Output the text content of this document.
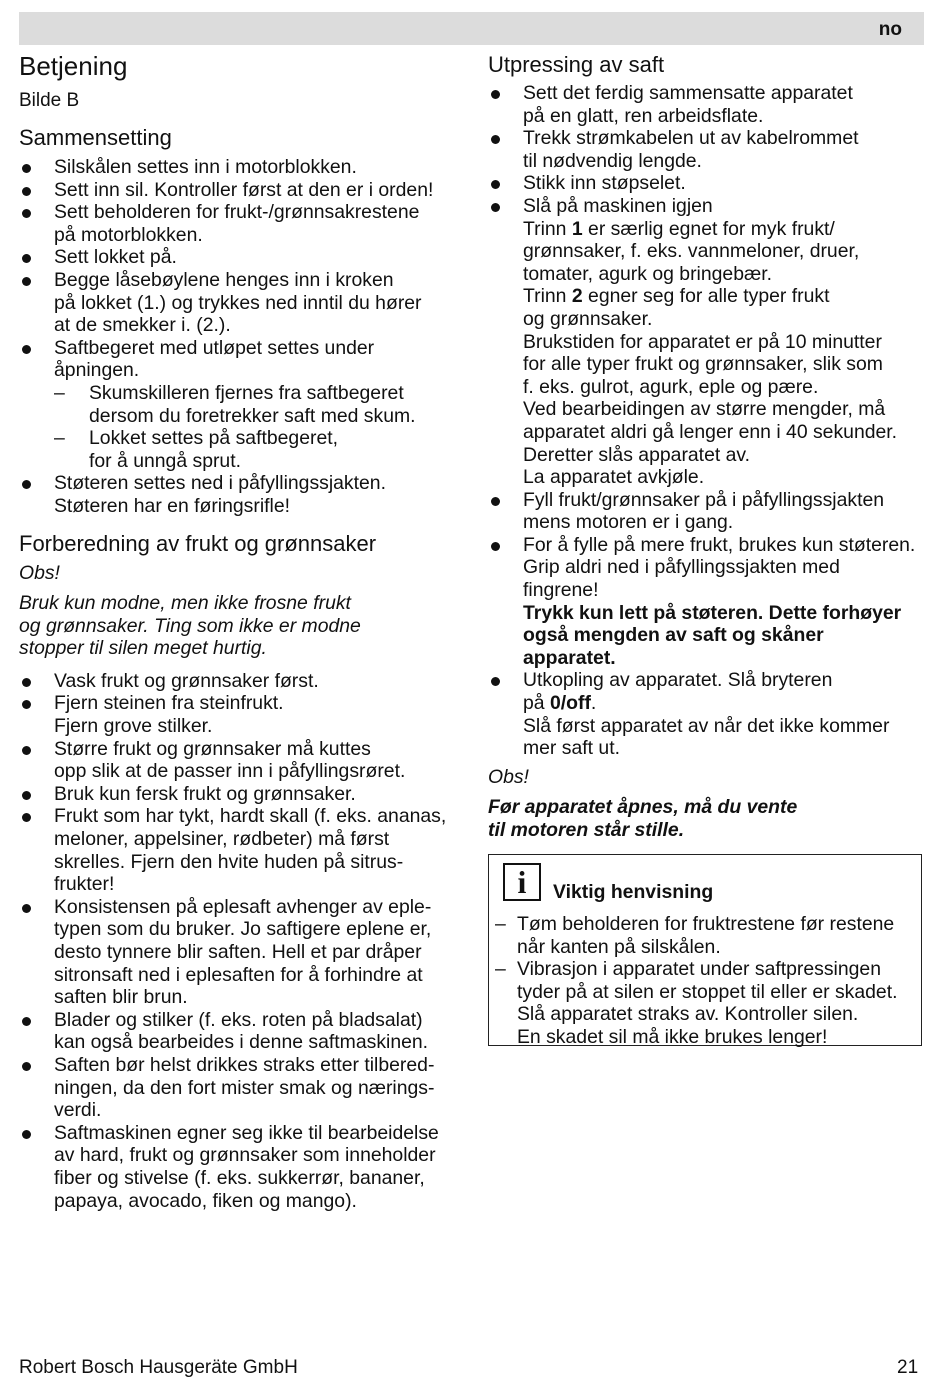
no
Betjening

Bilde B

Sammensetting
Silskålen settes inn i motorblokken.
Sett inn sil. Kontroller først at den er i orden!
Sett beholderen for frukt-/grønnsakrestene
på motorblokken.
Sett lokket på.
Begge låsebøylene henges inn i kroken
på lokket (1.) og trykkes ned inntil du hører
at de smekker i. (2.).
Saftbegeret med utløpet settes under
åpningen.
– Skumskilleren fjernes fra saftbegeret
dersom du foretrekker saft med skum.
– Lokket settes på saftbegeret,
for å unngå sprut.
Støteren settes ned i påfyllingssjakten.
Støteren har en føringsrifle!
Forberedning av frukt og grønnsaker

Obs!

Bruk kun modne, men ikke frosne frukt
og grønnsaker. Ting som ikke er modne
stopper til silen meget hurtig.

Vask frukt og grønnsaker først.
Fjern steinen fra steinfrukt.
Fjern grove stilker.
Større frukt og grønnsaker må kuttes
opp slik at de passer inn i påfyllingsrøret.
Bruk kun fersk frukt og grønnsaker.
Frukt som har tykt, hardt skall (f. eks. ananas,
meloner, appelsiner, rødbeter) må først
skrelles. Fjern den hvite huden på sitrus-
frukter!
Konsistensen på eplesaft avhenger av eple-
typen som du bruker. Jo saftigere eplene er,
desto tynnere blir saften. Hell et par dråper
sitronsaft ned i eplesaften for å forhindre at
saften blir brun.
Blader og stilker (f. eks. roten på bladsalat)
kan også bearbeides i denne saftmaskinen.
Saften bør helst drikkes straks etter tilbered-
ningen, da den fort mister smak og nærings-
verdi.
Saftmaskinen egner seg ikke til bearbeidelse
av hard, frukt og grønnsaker som inneholder
fiber og stivelse (f. eks. sukkerrør, bananer,
papaya, avocado, fiken og mango).
Utpressing av saft
Sett det ferdig sammensatte apparatet
på en glatt, ren arbeidsflate.
Trekk strømkabelen ut av kabelrommet
til nødvendig lengde.
Stikk inn støpselet.
Slå på maskinen igjen
Trinn 1 er særlig egnet for myk frukt/
grønnsaker, f. eks. vannmeloner, druer,
tomater, agurk og bringebær.
Trinn 2 egner seg for alle typer frukt
og grønnsaker.
Brukstiden for apparatet er på 10 minutter
for alle typer frukt og grønnsaker, slik som
f. eks. gulrot, agurk, eple og pære.
Ved bearbeidingen av større mengder, må
apparatet aldri gå lenger enn i 40 sekunder.
Deretter slås apparatet av.
La apparatet avkjøle.
Fyll frukt/grønnsaker på i påfyllingssjakten
mens motoren er i gang.
For å fylle på mere frukt, brukes kun støteren.
Grip aldri ned i påfyllingssjakten med
fingrene!
Trykk kun lett på støteren. Dette forhøyer
også mengden av saft og skåner
apparatet.
Utkopling av apparatet. Slå bryteren
på 0/off.
Slå først apparatet av når det ikke kommer
mer saft ut.

Obs!

Før apparatet åpnes, må du vente
til motoren står stille.

i	Viktig henvisning
– Tøm beholderen for fruktrestene før restene
når kanten på silskålen.
– Vibrasjon i apparatet under saftpressingen
tyder på at silen er stoppet til eller er skadet.
Slå apparatet straks av. Kontroller silen.
En skadet sil må ikke brukes lenger!
Robert Bosch Hausgeräte GmbH	21
